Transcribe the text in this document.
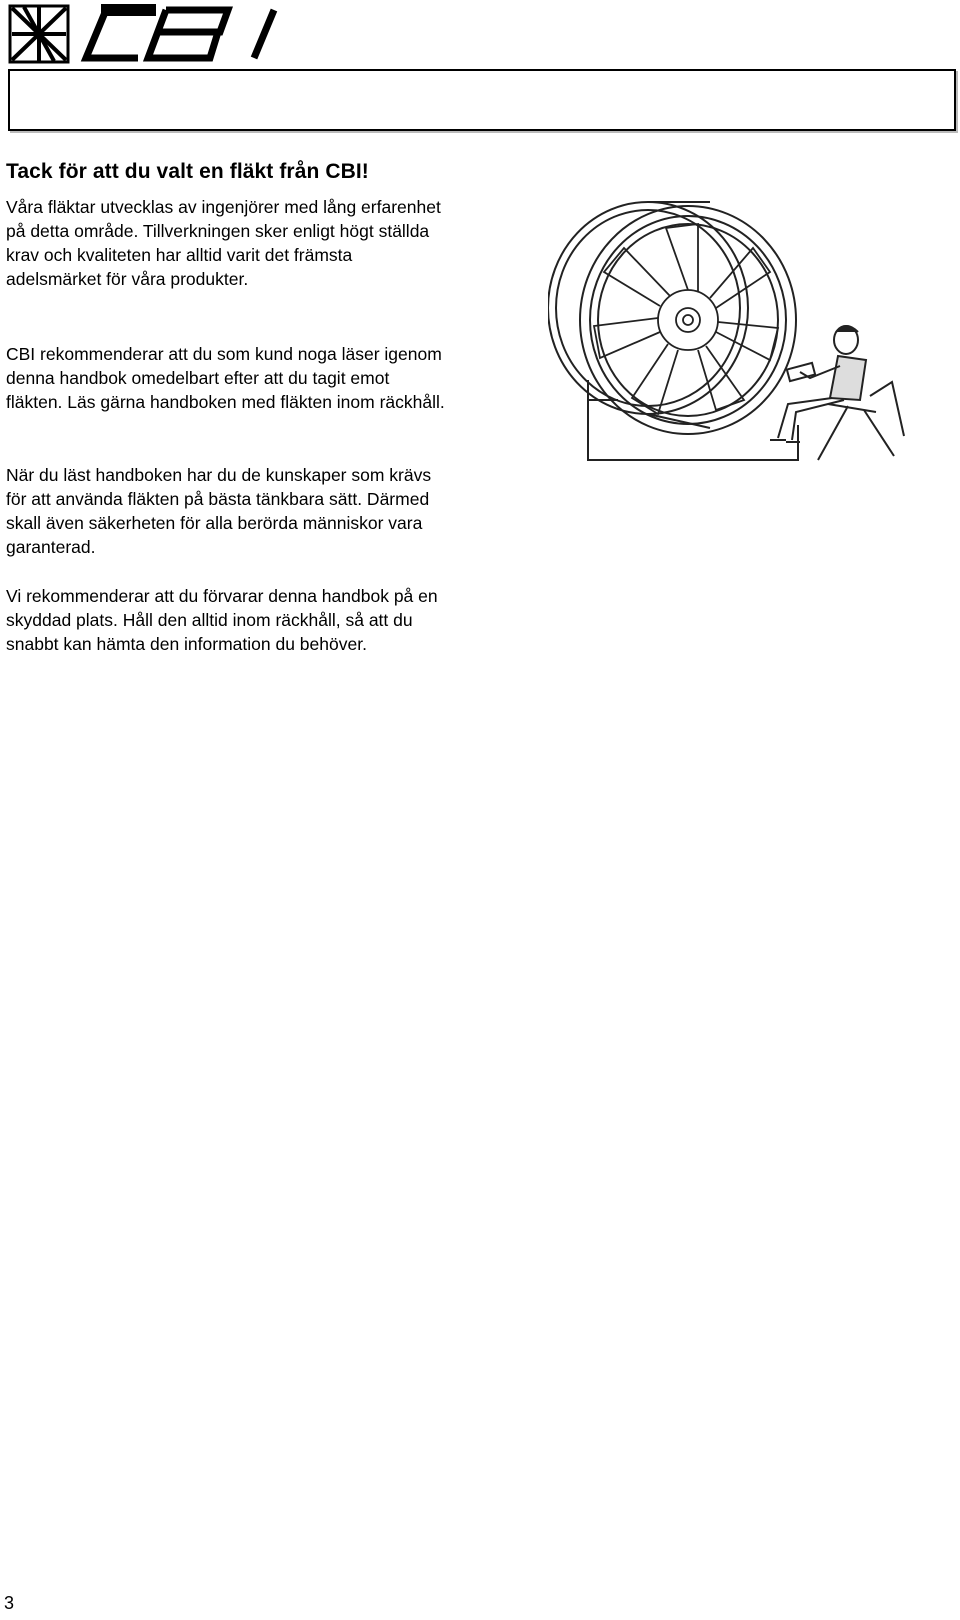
Tack för att du valt en fläkt från CBI!

Våra fläktar utvecklas av ingenjörer med lång erfarenhet på detta område. Tillverkningen sker enligt högt ställda krav och kvaliteten har alltid varit det främsta adelsmärket för våra produkter.

CBI rekommenderar att du som kund noga läser igenom denna handbok omedelbart efter att du tagit emot fläkten. Läs gärna handboken med fläkten inom räckhåll.

När du läst handboken har du de kunskaper som krävs för att använda fläkten på bästa tänkbara sätt. Därmed skall även säkerheten för alla berörda människor vara garanterad.

Vi rekommenderar att du förvarar denna handbok på en skyddad plats. Håll den alltid inom räckhåll, så att du snabbt kan hämta den information du behöver.

3
